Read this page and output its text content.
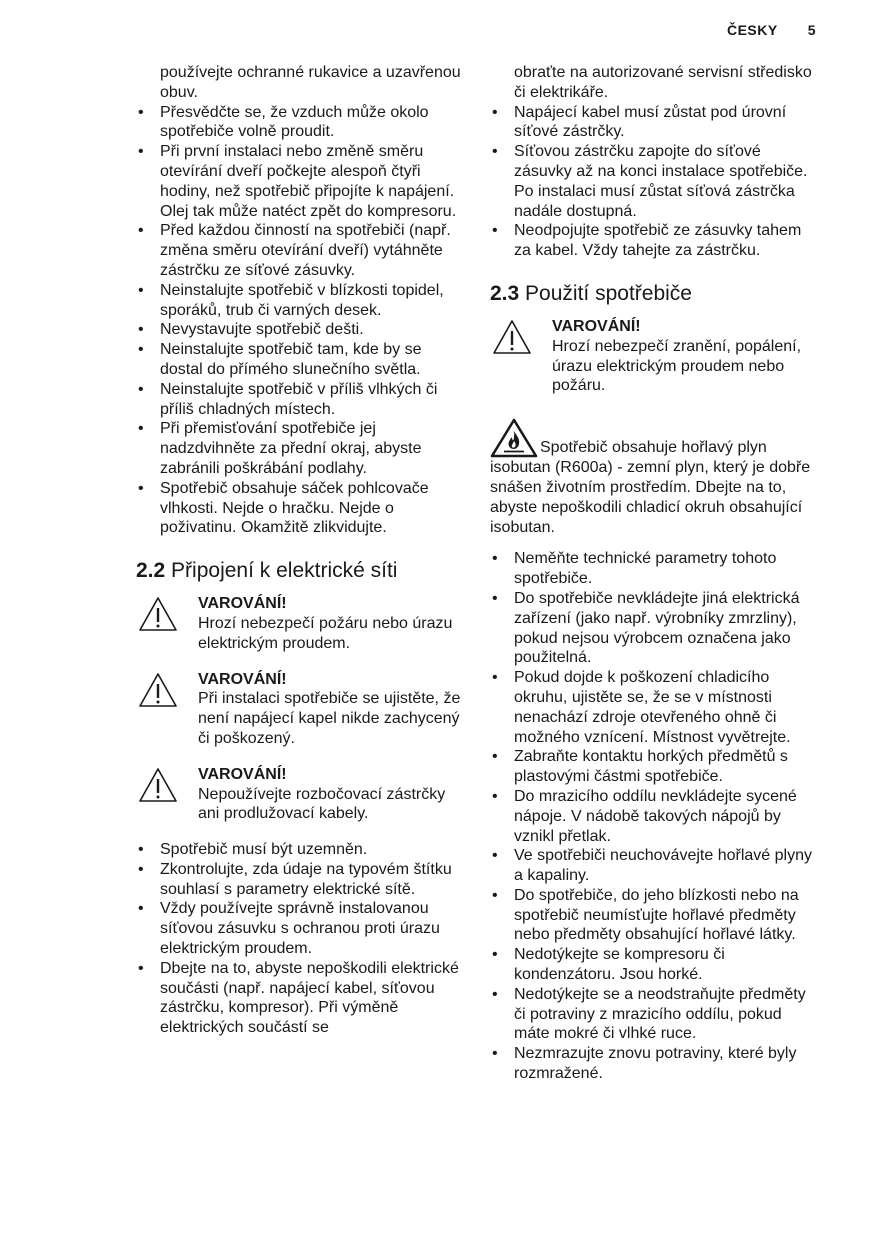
ČESKY 5
používejte ochranné rukavice a uzavřenou obuv.
• Přesvědčte se, že vzduch může okolo spotřebiče volně proudit.
• Při první instalaci nebo změně směru otevírání dveří počkejte alespoň čtyři hodiny, než spotřebič připojíte k napájení. Olej tak může natéct zpět do kompresoru.
• Před každou činností na spotřebiči (např. změna směru otevírání dveří) vytáhněte zástrčku ze síťové zásuvky.
• Neinstalujte spotřebič v blízkosti topidel, sporáků, trub či varných desek.
• Nevystavujte spotřebič dešti.
• Neinstalujte spotřebič tam, kde by se dostal do přímého slunečního světla.
• Neinstalujte spotřebič v příliš vlhkých či příliš chladných místech.
• Při přemisťování spotřebiče jej nadzdvihněte za přední okraj, abyste zabránili poškrábání podlahy.
• Spotřebič obsahuje sáček pohlcovače vlhkosti. Nejde o hračku. Nejde o poživatinu. Okamžitě zlikvidujte.
2.2 Připojení k elektrické síti
VAROVÁNÍ!
Hrozí nebezpečí požáru nebo úrazu elektrickým proudem.
VAROVÁNÍ!
Při instalaci spotřebiče se ujistěte, že není napájecí kapel nikde zachycený či poškozený.
VAROVÁNÍ!
Nepoužívejte rozbočovací zástrčky ani prodlužovací kabely.
• Spotřebič musí být uzemněn.
• Zkontrolujte, zda údaje na typovém štítku souhlasí s parametry elektrické sítě.
• Vždy používejte správně instalovanou síťovou zásuvku s ochranou proti úrazu elektrickým proudem.
• Dbejte na to, abyste nepoškodili elektrické součásti (např. napájecí kabel, síťovou zástrčku, kompresor). Při výměně elektrických součástí se
obraťte na autorizované servisní středisko či elektrikáře.
• Napájecí kabel musí zůstat pod úrovní síťové zástrčky.
• Síťovou zástrčku zapojte do síťové zásuvky až na konci instalace spotřebiče. Po instalaci musí zůstat síťová zástrčka nadále dostupná.
• Neodpojujte spotřebič ze zásuvky tahem za kabel. Vždy tahejte za zástrčku.
2.3 Použití spotřebiče
VAROVÁNÍ!
Hrozí nebezpečí zranění, popálení, úrazu elektrickým proudem nebo požáru.
Spotřebič obsahuje hořlavý plyn isobutan (R600a) - zemní plyn, který je dobře snášen životním prostředím. Dbejte na to, abyste nepoškodili chladicí okruh obsahující isobutan.
• Neměňte technické parametry tohoto spotřebiče.
• Do spotřebiče nevkládejte jiná elektrická zařízení (jako např. výrobníky zmrzliny), pokud nejsou výrobcem označena jako použitelná.
• Pokud dojde k poškození chladicího okruhu, ujistěte se, že se v místnosti nenachází zdroje otevřeného ohně či možného vznícení. Místnost vyvětrejte.
• Zabraňte kontaktu horkých předmětů s plastovými částmi spotřebiče.
• Do mrazicího oddílu nevkládejte sycené nápoje. V nádobě takových nápojů by vznikl přetlak.
• Ve spotřebiči neuchovávejte hořlavé plyny a kapaliny.
• Do spotřebiče, do jeho blízkosti nebo na spotřebič neumísťujte hořlavé předměty nebo předměty obsahující hořlavé látky.
• Nedotýkejte se kompresoru či kondenzátoru. Jsou horké.
• Nedotýkejte se a neodstraňujte předměty či potraviny z mrazicího oddílu, pokud máte mokré či vlhké ruce.
• Nezmrazujte znovu potraviny, které byly rozmražené.
